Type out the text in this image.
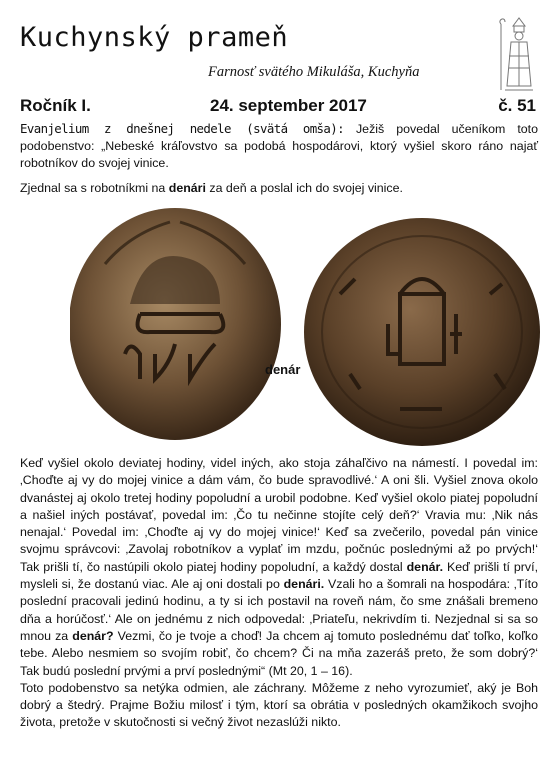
Kuchynský prameň
Farnosť svätého Mikuláša, Kuchyňa
Ročník I.	24. september 2017	č. 51
Evanjelium z dnešnej nedele (svätá omša): Ježiš povedal učeníkom toto podobenstvo: „Nebeské kráľovstvo sa podobá hospodárovi, ktorý vyšiel skoro ráno najať robotníkov do svojej vinice.
Zjednal sa s robotníkmi na denári za deň a poslal ich do svojej vinice.
denár

Keď vyšiel okolo deviatej hodiny, videl iných, ako stoja záhaľčivo na námestí. I povedal im: ‚Choďte aj vy do mojej vinice a dám vám, čo bude spravodlivé.‘ A oni šli. Vyšiel znova okolo dvanástej aj okolo tretej hodiny popoludní a urobil podobne. Keď vyšiel okolo piatej popoludní a našiel iných postávať, povedal im: ‚Čo tu nečinne stojíte celý deň?‘ Vravia mu: ‚Nik nás nenajal.‘ Povedal im: ‚Choďte aj vy do mojej vinice!‘ Keď sa zvečerilo, povedal pán vinice svojmu správcovi: ‚Zavolaj robotníkov a vyplať im mzdu, počnúc poslednými až po prvých!‘ Tak prišli tí, čo nastúpili okolo piatej hodiny popoludní, a každý dostal denár. Keď prišli tí prví, mysleli si, že dostanú viac. Ale aj oni dostali po denári. Vzali ho a šomrali na hospodára: ‚Títo poslední pracovali jedinú hodinu, a ty si ich postavil na roveň nám, čo sme znášali bremeno dňa a horúčosť.‘ Ale on jednému z nich odpovedal: ‚Priateľu, nekrivdím ti. Nezjednal si sa so mnou za denár? Vezmi, čo je tvoje a choď! Ja chcem aj tomuto poslednému dať toľko, koľko tebe. Alebo nesmiem so svojím robiť, čo chcem? Či na mňa zazeráš preto, že som dobrý?‘ Tak budú poslední prvými a prví poslednými“ (Mt 20, 1 – 16).

Toto podobenstvo sa netýka odmien, ale záchrany. Môžeme z neho vyrozumieť, aký je Boh dobrý a štedrý. Prajme Božiu milosť i tým, ktorí sa obrátia v posledných okamžikoch svojho života, pretože v skutočnosti si večný život nezaslúži nikto.
